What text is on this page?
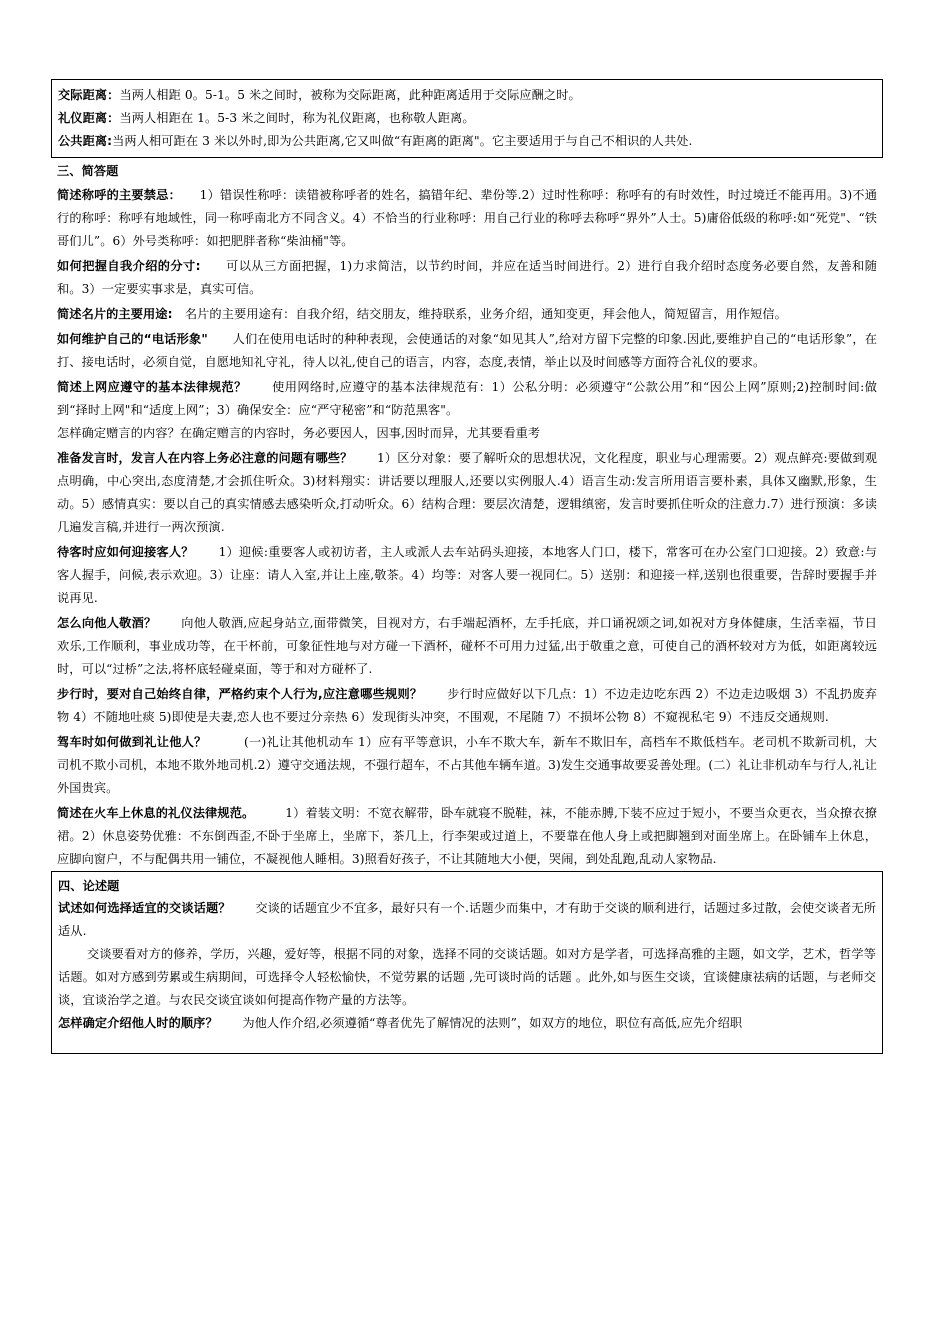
交际距离：当两人相距 0。5-1。5 米之间时，被称为交际距离，此种距离适用于交际应酬之时。

礼仪距离：当两人相距在 1。5-3 米之间时，称为礼仪距离，也称敬人距离。

公共距离:当两人相可距在 3 米以外时,即为公共距离,它又叫做“有距离的距离"。它主要适用于与自己不相识的人共处.

三、简答题

简述称呼的主要禁忌：　　1）错误性称呼：读错被称呼者的姓名，搞错年纪、辈份等.2）过时性称呼：称呼有的有时效性，时过境迁不能再用。3)不通行的称呼：称呼有地域性，同一称呼南北方不同含义。4）不恰当的行业称呼：用自己行业的称呼去称呼“界外”人士。5)庸俗低级的称呼:如“死党"、“铁哥们儿”。6）外号类称呼：如把肥胖者称“柴油桶"等。

如何把握自我介绍的分寸:　　可以从三方面把握，1)力求简洁，以节约时间，并应在适当时间进行。2）进行自我介绍时态度务必要自然，友善和随和。3）一定要实事求是，真实可信。

简述名片的主要用途:　名片的主要用途有：自我介绍，结交朋友，维持联系，业务介绍，通知变更，拜会他人，简短留言，用作短信。

如何维护自己的“电话形象"　　人们在使用电话时的种种表现，会使通话的对象“如见其人”,给对方留下完整的印象.因此,要维护自己的“电话形象”，在打、接电话时，必须自觉，自愿地知礼守礼，待人以礼,使自己的语言，内容，态度,表情，举止以及时间感等方面符合礼仪的要求。

简述上网应遵守的基本法律规范？　　使用网络时,应遵守的基本法律规范有：1）公私分明：必须遵守“公款公用”和“因公上网”原则;2)控制时间:做到“择时上网"和“适度上网”；3）确保安全：应“严守秘密”和“防范黑客"。

怎样确定赠言的内容？在确定赠言的内容时，务必要因人，因事,因时而异，尤其要看重考

准备发言时，发言人在内容上务必注意的问题有哪些？　　1）区分对象：要了解听众的思想状况，文化程度，职业与心理需要。2）观点鲜亮:要做到观点明确，中心突出,态度清楚,才会抓住听众。3)材料翔实：讲话要以理服人,还要以实例服人.4）语言生动:发言所用语言要朴素，具体又幽默,形象，生动。5）感情真实：要以自己的真实情感去感染听众,打动听众。6）结构合理：要层次清楚，逻辑缜密，发言时要抓住听众的注意力.7）进行预演：多读几遍发言稿,并进行一两次预演.

待客时应如何迎接客人？　　1）迎候:重要客人或初访者，主人或派人去车站码头迎接，本地客人门口，楼下，常客可在办公室门口迎接。2）致意:与客人握手，问候,表示欢迎。3）让座：请人入室,并让上座,敬茶。4）均等：对客人要一视同仁。5）送别：和迎接一样,送别也很重要，告辞时要握手并说再见.

怎么向他人敬酒？　　向他人敬酒,应起身站立,面带微笑，目视对方，右手端起酒杯，左手托底，并口诵祝颂之词,如祝对方身体健康，生活幸福，节日欢乐,工作顺利，事业成功等，在干杯前，可象征性地与对方碰一下酒杯，碰杯不可用力过猛,出于敬重之意，可使自己的酒杯较对方为低，如距离较远时，可以“过桥”之法,将杯底轻碰桌面，等于和对方碰杯了.

步行时，要对自己始终自律，严格约束个人行为,应注意哪些规则？　　步行时应做好以下几点：1）不边走边吃东西 2）不边走边吸烟 3）不乱扔废弃物 4）不随地吐痰 5)即使是夫妻,恋人也不要过分亲热 6）发现街头冲突，不围观，不尾随 7）不损坏公物 8）不窥视私宅 9）不违反交通规则.

驾车时如何做到礼让他人？　　　(一)礼让其他机动车 1）应有平等意识，小车不欺大车，新车不欺旧车，高档车不欺低档车。老司机不欺新司机，大司机不欺小司机，本地不欺外地司机.2）遵守交通法规，不强行超车，不占其他车辆车道。3)发生交通事故要妥善处理。(二）礼让非机动车与行人,礼让外国贵宾。

简述在火车上休息的礼仪法律规范。　　　1）着装文明：不宽衣解带，卧车就寝不脱鞋，袜，不能赤膊,下装不应过于短小，不要当众更衣，当众撩衣撩裙。2）休息姿势优雅：不东倒西歪,不卧于坐席上，坐席下，茶几上，行李架或过道上，不要靠在他人身上或把脚翘到对面坐席上。在卧铺车上休息，应脚向窗户，不与配偶共用一铺位，不凝视他人睡相。3)照看好孩子，不让其随地大小便，哭闹，到处乱跑,乱动人家物品.

四、论述题

试述如何选择适宜的交谈话题？　　交谈的话题宜少不宜多，最好只有一个.话题少而集中，才有助于交谈的顺利进行，话题过多过散，会使交谈者无所适从.

交谈要看对方的修养，学历，兴趣，爱好等，根据不同的对象，选择不同的交谈话题。如对方是学者，可选择高雅的主题，如文学，艺术，哲学等话题。如对方感到劳累或生病期间，可选择令人轻松愉快，不觉劳累的话题 ,先可谈时尚的话题 。此外,如与医生交谈，宜谈健康祛病的话题，与老师交谈，宜谈治学之道。与农民交谈宜谈如何提高作物产量的方法等。

怎样确定介绍他人时的顺序？　　为他人作介绍,必须遵循“尊者优先了解情况的法则”，如双方的地位，职位有高低,应先介绍职
